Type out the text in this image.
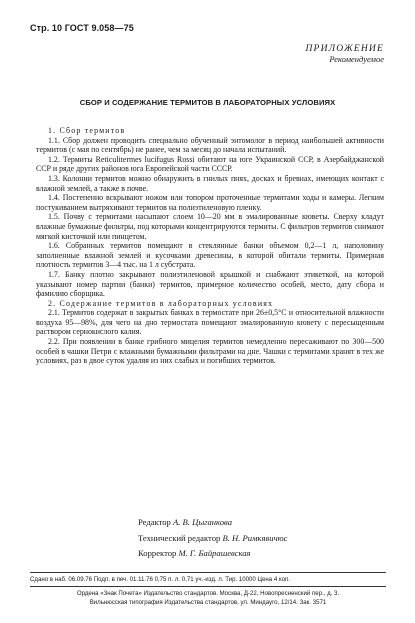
Стр. 10 ГОСТ 9.058—75
ПРИЛОЖЕНИЕ
Рекомендуемое
СБОР И СОДЕРЖАНИЕ ТЕРМИТОВ В ЛАБОРАТОРНЫХ УСЛОВИЯХ

1. Сбор термитов

1.1. Сбор должен проводить специально обученный энтомолог в период наибольшей активности термитов (с мая по сентябрь) не ранее, чем за месяц до начала испытаний.

1.2. Термиты Reticulitermes lucifugus Rossi обитают на юге Украинской ССР, в Азербайджанской ССР и ряде других районов юга Европейской части СССР.

1.3. Колонии термитов можно обнаружить в гнилых пнях, досках и бревнах, имеющих контакт с влажной землей, а также в почве.

1.4. Постепенно вскрывают ножом или топором проточенные термитами ходы и камеры. Легким постукиванием вытряхивают термитов на полиэтиленовую пленку.

1.5. Почву с термитами насыпают слоем 10—20 мм в эмалированные кюветы. Сверху кладут влажные бумажные фильтры, под которыми концентрируются термиты. С фильтров термитов снимают мягкой кисточкой или пинцетом.

1.6. Собранных термитов помещают в стеклянные банки объемом 0,2—1 л, наполовину заполненные влажной землей и кусочками древесины, в которой обитали термиты. Примерная плотность термитов 3—4 тыс. на 1 л субстрата.

1.7. Банку плотно закрывают полиэтиленовой крышкой и снабжают этикеткой, на которой указывают номер партии (банки) термитов, примерное количество особей, место, дату сбора и фамилию сборщика.

2. Содержание термитов в лабораторных условиях

2.1. Термитов содержат в закрытых банках в термостате при 26±0,5°С и относительной влажности воздуха 95—98%, для чего на дно термостата помещают эмалированную кювету с пересыщенным раствором сернокислого калия.

2.2. При появлении в банке грибного мицелия термитов немедленно пересаживают по 300—500 особей в чашки Петри с влажными бумажными фильтрами на дне. Чашки с термитами хранят в тех же условиях, раз в двое суток удаляя из них слабых и погибших термитов.

Редактор А. В. Цыганкова
Технический редактор В. Н. Римкявичюс
Корректор М. Г. Байрашевская
Сдано в наб. 06.09.76 Подп. в печ. 01.11.76 0,75 п. л. 0,71 уч.-изд. л. Тир. 10000 Цена 4 коп.
Ордена «Знак Почета» Издательство стандартов. Москва, Д-22, Новопресненский пер., д. 3.
Вильнюсская типография Издательства стандартов, ул. Миндауго, 12/14. Зак. 3571
